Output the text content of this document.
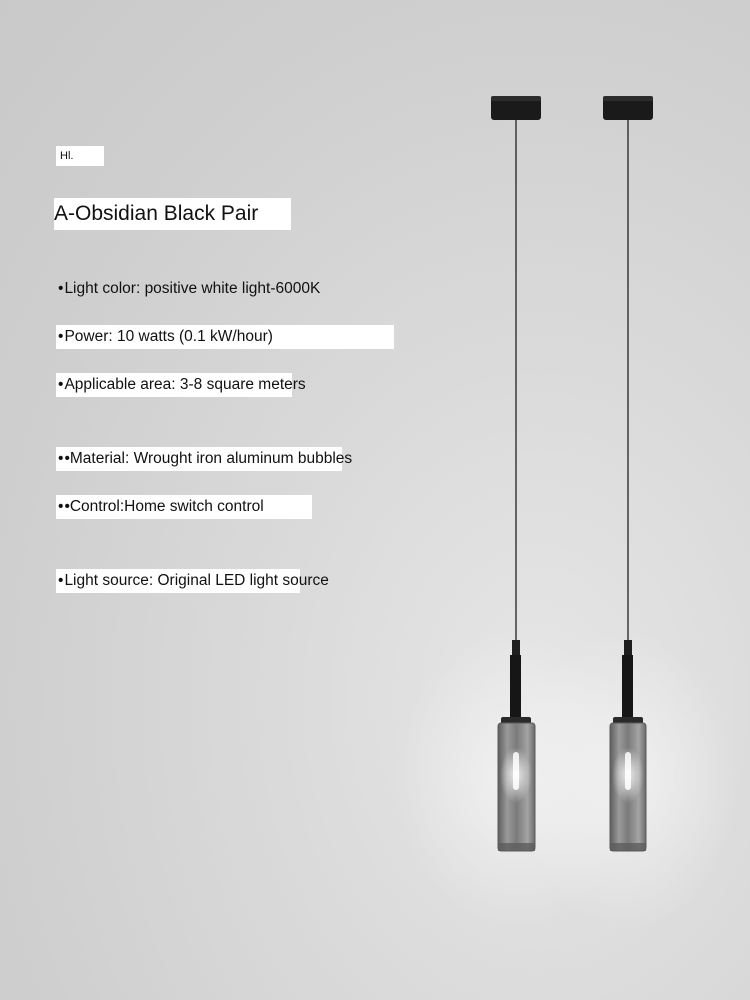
Hl.
A-Obsidian Black Pair
•Light color: positive white light-6000K
•Power: 10 watts (0.1 kW/hour)
•Applicable area: 3-8 square meters
••Material: Wrought iron aluminum bubbles
••Control:Home switch control
•Light source: Original LED light source
